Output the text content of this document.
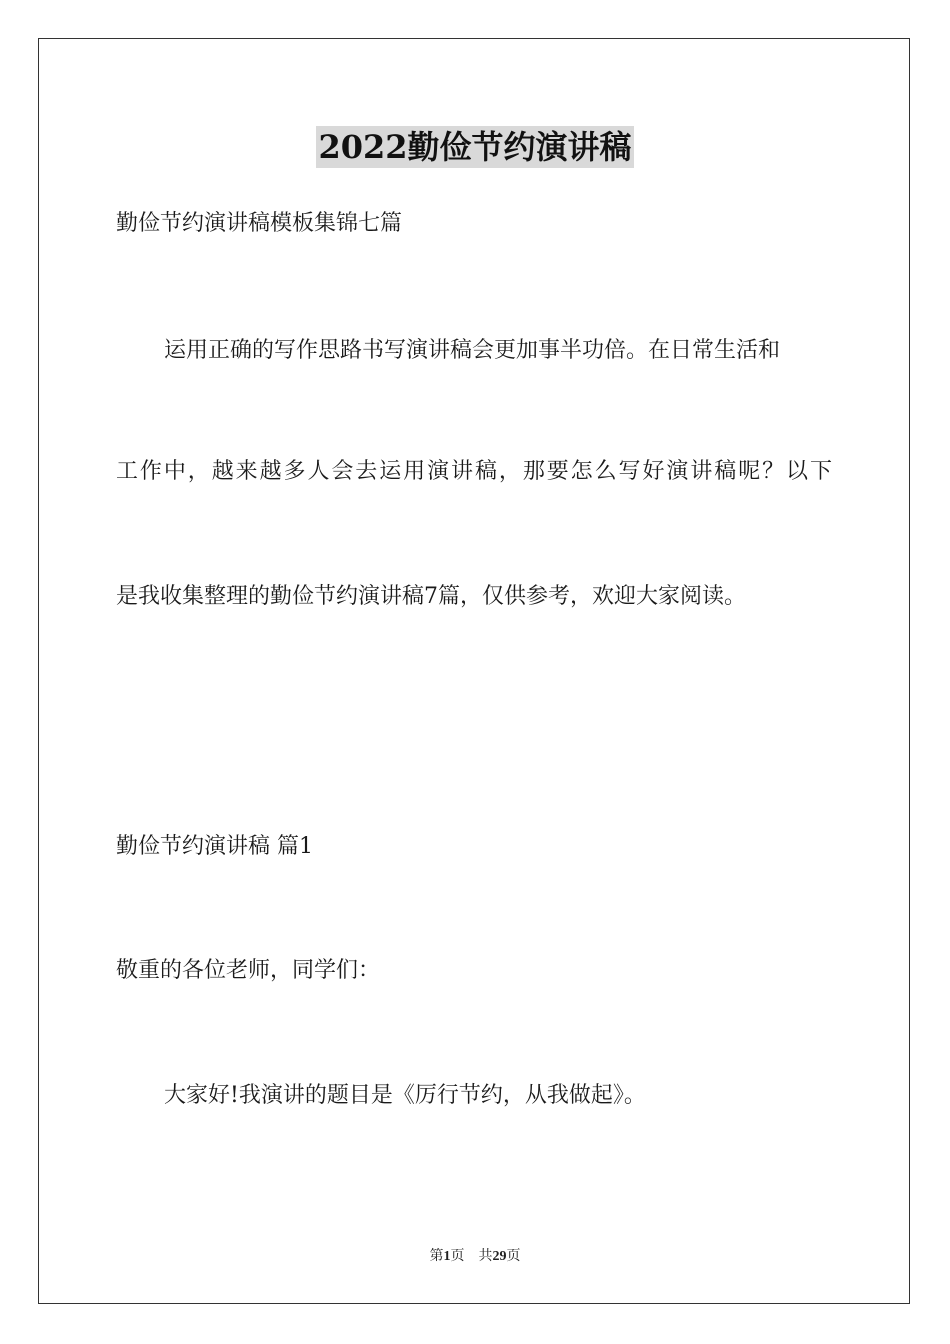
2022勤俭节约演讲稿
勤俭节约演讲稿模板集锦七篇
运用正确的写作思路书写演讲稿会更加事半功倍。在日常生活和
工作中，越来越多人会去运用演讲稿，那要怎么写好演讲稿呢？以下
是我收集整理的勤俭节约演讲稿7篇，仅供参考，欢迎大家阅读。
勤俭节约演讲稿 篇1
敬重的各位老师，同学们：
大家好!我演讲的题目是《厉行节约，从我做起》。
第1页 共29页
